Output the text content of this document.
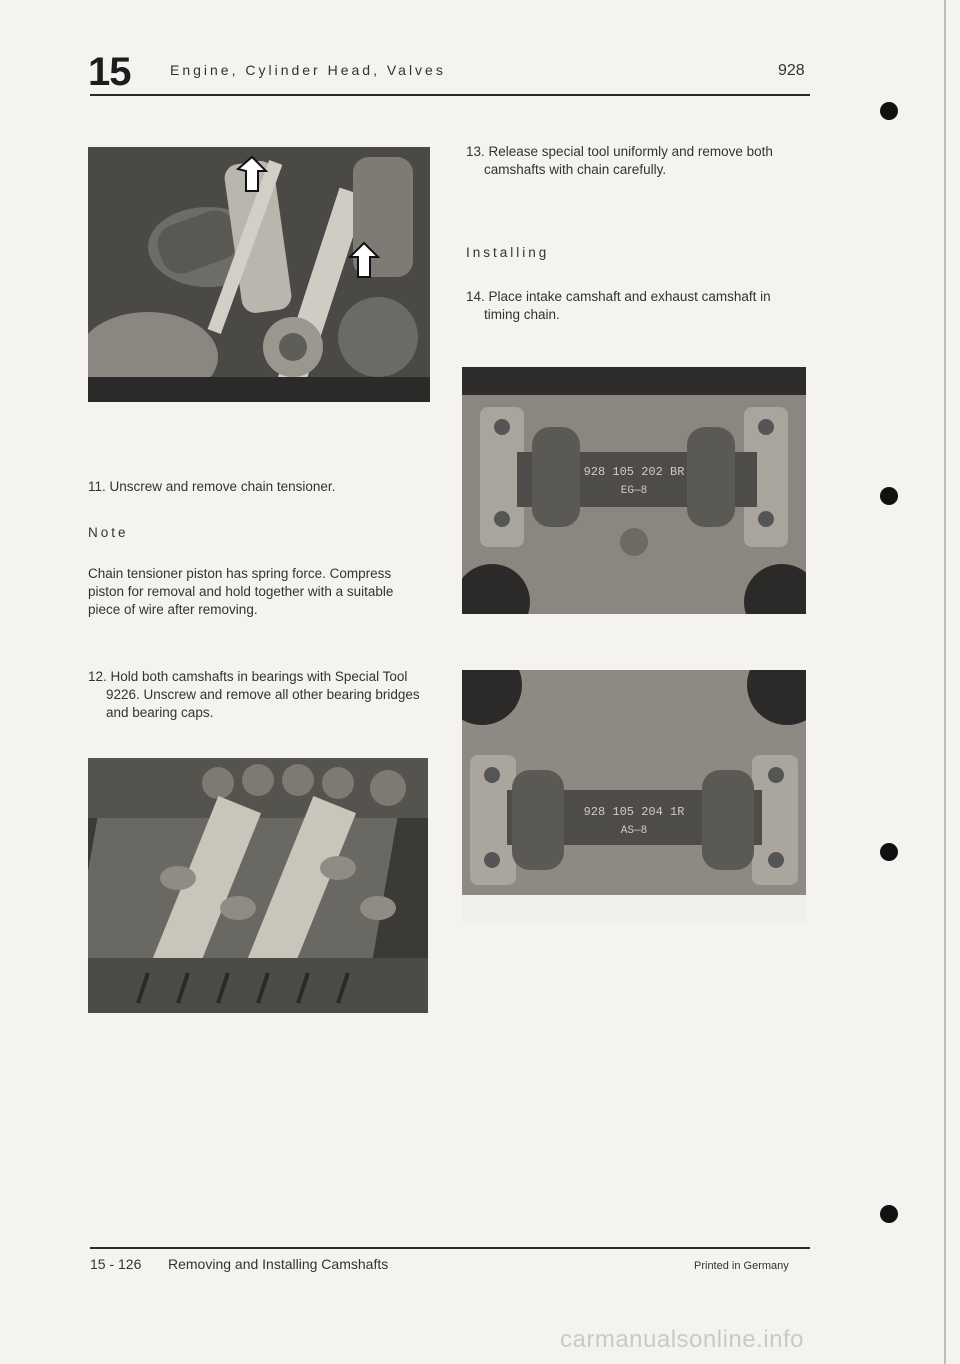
15	Engine, Cylinder Head, Valves	928
11. Unscrew and remove chain tensioner.
Note
Chain tensioner piston has spring force. Compress piston for removal and hold together with a suitable piece of wire after removing.
12. Hold both camshafts in bearings with Special Tool 9226. Unscrew and remove all other bearing bridges and bearing caps.
13. Release special tool uniformly and remove both camshafts with chain carefully.
Installing
14. Place intake camshaft and exhaust camshaft in timing chain.
928 105 202 BR
EG—8
928 105 204 1R
AS—8
15 - 126 Removing and Installing Camshafts	Printed in Germany
carmanualsonline.info
